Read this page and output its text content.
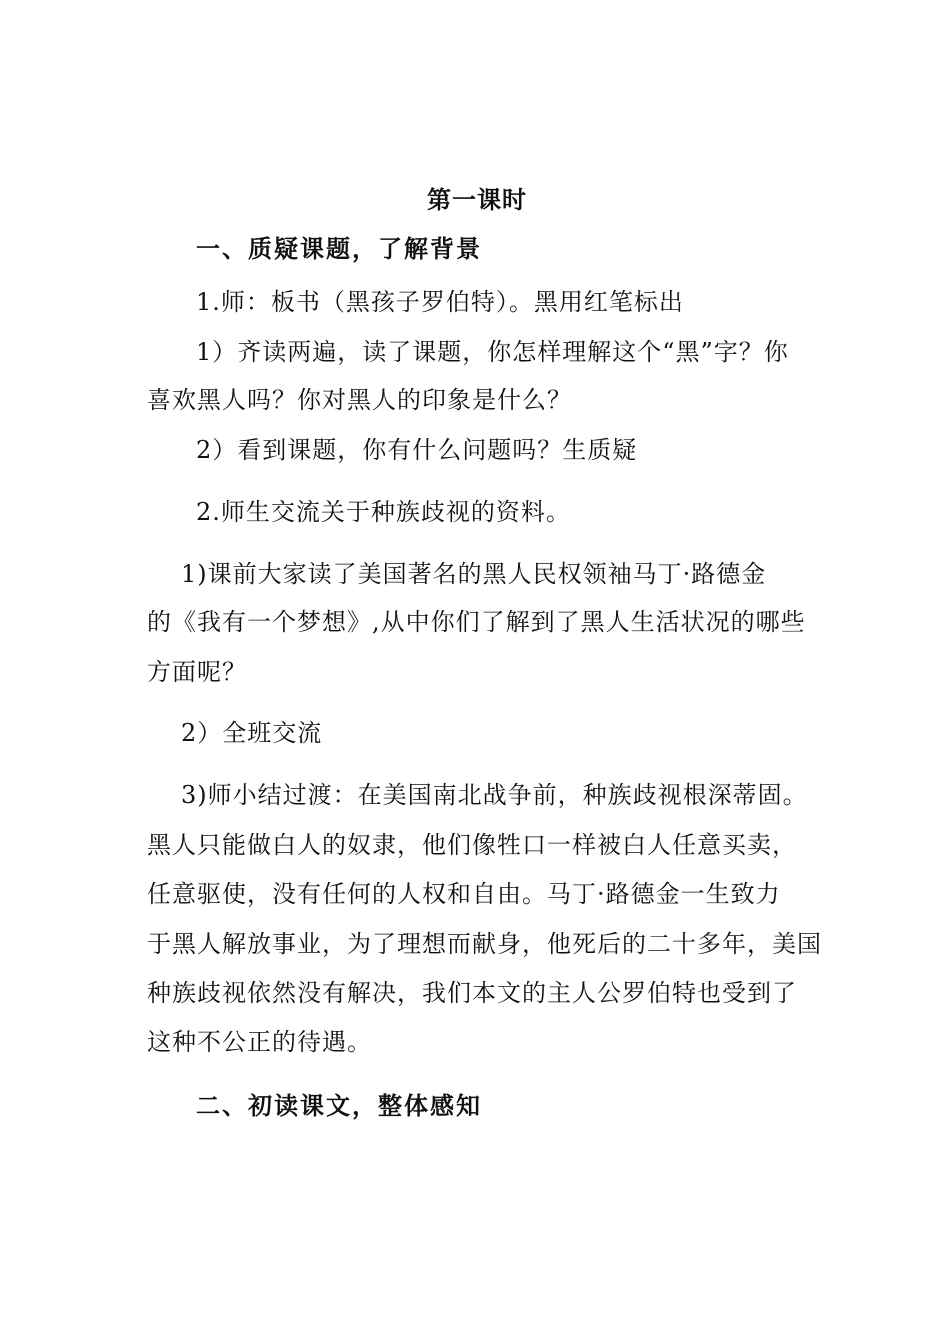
第一课时
一、质疑课题，了解背景
1.师：板书（黑孩子罗伯特）。黑用红笔标出
1）齐读两遍，读了课题，你怎样理解这个“黑”字？你
喜欢黑人吗？你对黑人的印象是什么？
2）看到课题，你有什么问题吗？生质疑
2.师生交流关于种族歧视的资料。
1)课前大家读了美国著名的黑人民权领袖马丁·路德金
的《我有一个梦想》,从中你们了解到了黑人生活状况的哪些
方面呢？
2）全班交流
3)师小结过渡：在美国南北战争前，种族歧视根深蒂固。
黑人只能做白人的奴隶，他们像牲口一样被白人任意买卖，
任意驱使，没有任何的人权和自由。马丁·路德金一生致力
于黑人解放事业，为了理想而献身，他死后的二十多年，美国
种族歧视依然没有解决，我们本文的主人公罗伯特也受到了
这种不公正的待遇。
二、初读课文，整体感知
